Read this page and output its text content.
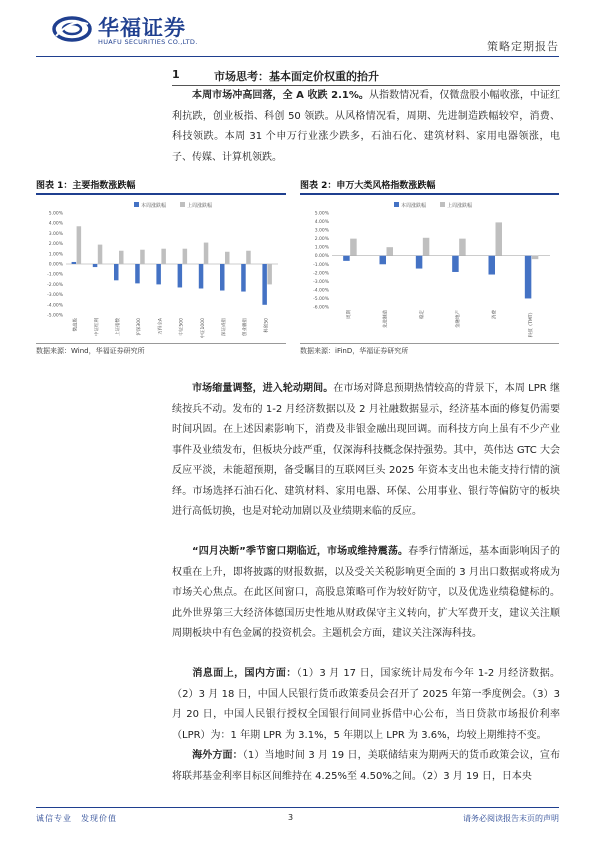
华福证券
HUAFU SECURITIES CO.,LTD.	策略定期报告
1	市场思考：基本面定价权重的抬升
本周市场冲高回落，全 A 收跌 2.1%。从指数情况看，仅微盘股小幅收涨，中证红利抗跌，创业板指、科创 50 领跌。从风格情况看，周期、先进制造跌幅较窄，消费、科技领跌。本周 31 个申万行业涨少跌多，石油石化、建筑材料、家用电器领涨，电子、传媒、计算机领跌。
图表 1：主要指数涨跌幅
本周涨跌幅	上周涨跌幅
5.00%
4.00%
3.00%
2.00%
1.00%
0.00%
-1.00%
-2.00%
-3.00%
-4.00%
-5.00%
微盘股	中证红利	上证指数	沪深300	万得全A	中证500	中证1000	深证成指	创业板指	科创50
数据来源：Wind，华福证券研究所
图表 2：申万大类风格指数涨跌幅
本周涨跌幅	上周涨跌幅
5.00%
4.00%
3.00%
2.00%
1.00%
0.00%
-1.00%
-2.00%
-3.00%
-4.00%
-5.00%
-6.00%
周期	先进制造	稳定	金融地产	消费	科技（TMT）
数据来源：iFinD，华福证券研究所
市场缩量调整，进入轮动期间。在市场对降息预期热情较高的背景下，本周 LPR 继续按兵不动。发布的 1-2 月经济数据以及 2 月社融数据显示，经济基本面的修复仍需要时间巩固。在上述因素影响下，消费及非银金融出现回调。而科技方向上虽有不少产业事件及业绩发布，但板块分歧严重，仅深海科技概念保持强势。其中，英伟达 GTC 大会反应平淡，未能超预期，备受瞩目的互联网巨头 2025 年资本支出也未能支持行情的演绎。市场选择石油石化、建筑材料、家用电器、环保、公用事业、银行等偏防守的板块进行高低切换，也是对轮动加剧以及业绩期来临的反应。
“四月决断”季节窗口期临近，市场或维持震荡。春季行情渐远，基本面影响因子的权重在上升，即将披露的财报数据，以及受关关税影响更全面的 3 月出口数据或将成为市场关心焦点。在此区间窗口，高股息策略可作为较好防守，以及优选业绩稳健标的。此外世界第三大经济体德国历史性地从财政保守主义转向，扩大军费开支，建议关注顺周期板块中有色金属的投资机会。主题机会方面，建议关注深海科技。
消息面上，国内方面：（1）3 月 17 日，国家统计局发布今年 1-2 月经济数据。（2）3 月 18 日，中国人民银行货币政策委员会召开了 2025 年第一季度例会。（3）3 月 20 日，中国人民银行授权全国银行间同业拆借中心公布，当日贷款市场报价利率（LPR）为：1 年期 LPR 为 3.1%，5 年期以上 LPR 为 3.6%，均较上期维持不变。
海外方面：（1）当地时间 3 月 19 日，美联储结束为期两天的货币政策会议，宣布将联邦基金利率目标区间维持在 4.25%至 4.50%之间。（2）3 月 19 日，日本央
诚信专业　发现价值	3	请务必阅读报告末页的声明
